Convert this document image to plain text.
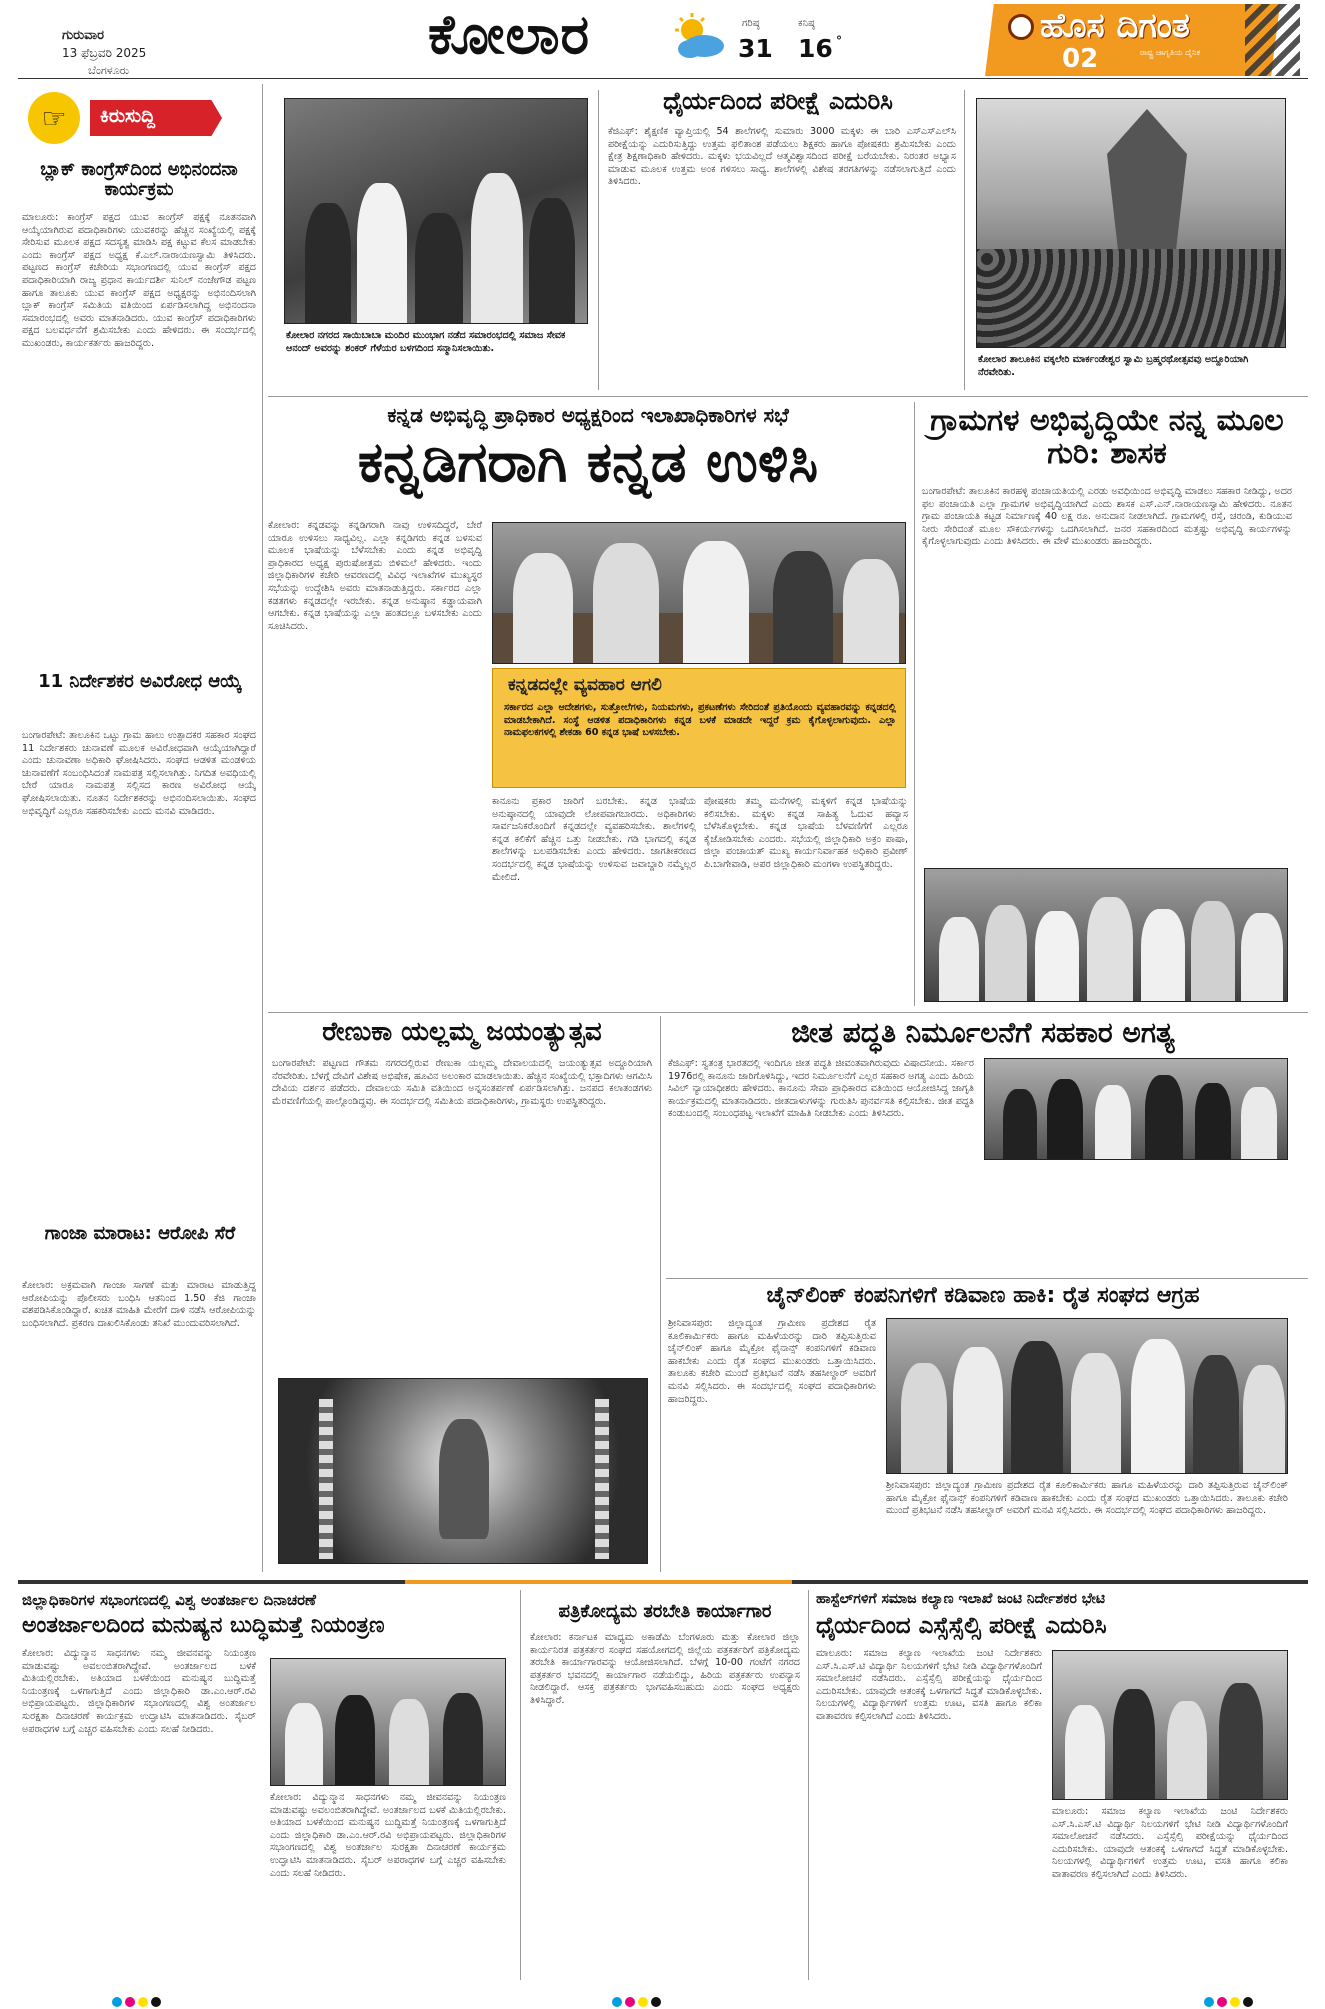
ಗುರುವಾರ
13 ಫೆಬ್ರವರಿ 2025
ಬೆಂಗಳೂರು
ಕೋಲಾರ	ಗರಿಷ್ಠ
31
ಕನಿಷ್ಠ
16 °	ಹೊಸ ದಿಗಂತ
ರಾಷ್ಟ್ರ ಜಾಗೃತಿಯ ದೈನಿಕ
02
☞	ಕಿರುಸುದ್ದಿ
ಬ್ಲಾಕ್ ಕಾಂಗ್ರೆಸ್‌ದಿಂದ ಅಭಿನಂದನಾ ಕಾರ್ಯಕ್ರಮ
ಮಾಲೂರು: ಕಾಂಗ್ರೆಸ್ ಪಕ್ಷದ ಯುವ ಕಾಂಗ್ರೆಸ್ ಪಕ್ಷಕ್ಕೆ ನೂತನವಾಗಿ ಆಯ್ಕೆಯಾಗಿರುವ ಪದಾಧಿಕಾರಿಗಳು ಯುವಕರನ್ನು ಹೆಚ್ಚಿನ ಸಂಖ್ಯೆಯಲ್ಲಿ ಪಕ್ಷಕ್ಕೆ ಸೇರಿಸುವ ಮೂಲಕ ಪಕ್ಷದ ಸದಸ್ಯತ್ವ ಮಾಡಿಸಿ ಪಕ್ಷ ಕಟ್ಟುವ ಕೆಲಸ ಮಾಡಬೇಕು ಎಂದು ಕಾಂಗ್ರೆಸ್ ಪಕ್ಷದ ಅಧ್ಯಕ್ಷ ಕೆ.ಎಲ್.ನಾರಾಯಣಸ್ವಾಮಿ ತಿಳಿಸಿದರು. ಪಟ್ಟಣದ ಕಾಂಗ್ರೆಸ್ ಕಚೇರಿಯ ಸಭಾಂಗಣದಲ್ಲಿ ಯುವ ಕಾಂಗ್ರೆಸ್ ಪಕ್ಷದ ಪದಾಧಿಕಾರಿಯಾಗಿ ರಾಜ್ಯ ಪ್ರಧಾನ ಕಾರ್ಯದರ್ಶಿ ಸುನಿಲ್ ನಂಜೇಗೌಡ ಪಟ್ಟಣ ಹಾಗೂ ತಾಲೂಕು ಯುವ ಕಾಂಗ್ರೆಸ್ ಪಕ್ಷದ ಅಧ್ಯಕ್ಷರನ್ನು ಅಭಿನಂದಿಸಲಾಗಿ ಬ್ಲಾಕ್ ಕಾಂಗ್ರೆಸ್ ಸಮಿತಿಯ ವತಿಯಿಂದ ಏರ್ಪಡಿಸಲಾಗಿದ್ದ ಅಭಿನಂದನಾ ಸಮಾರಂಭದಲ್ಲಿ ಅವರು ಮಾತನಾಡಿದರು. ಯುವ ಕಾಂಗ್ರೆಸ್ ಪದಾಧಿಕಾರಿಗಳು ಪಕ್ಷದ ಬಲವರ್ಧನೆಗೆ ಶ್ರಮಿಸಬೇಕು ಎಂದು ಹೇಳಿದರು. ಈ ಸಂದರ್ಭದಲ್ಲಿ ಮುಖಂಡರು, ಕಾರ್ಯಕರ್ತರು ಹಾಜರಿದ್ದರು.
11 ನಿರ್ದೇಶಕರ ಅವಿರೋಧ ಆಯ್ಕೆ
ಬಂಗಾರಪೇಟೆ: ತಾಲೂಕಿನ ಒಟ್ಟು ಗ್ರಾಮ ಹಾಲು ಉತ್ಪಾದಕರ ಸಹಕಾರ ಸಂಘದ 11 ನಿರ್ದೇಶಕರು ಚುನಾವಣೆ ಮೂಲಕ ಅವಿರೋಧವಾಗಿ ಆಯ್ಕೆಯಾಗಿದ್ದಾರೆ ಎಂದು ಚುನಾವಣಾ ಅಧಿಕಾರಿ ಘೋಷಿಸಿದರು. ಸಂಘದ ಆಡಳಿತ ಮಂಡಳಿಯ ಚುನಾವಣೆಗೆ ಸಂಬಂಧಿಸಿದಂತೆ ನಾಮಪತ್ರ ಸಲ್ಲಿಸಲಾಗಿತ್ತು. ನಿಗದಿತ ಅವಧಿಯಲ್ಲಿ ಬೇರೆ ಯಾರೂ ನಾಮಪತ್ರ ಸಲ್ಲಿಸದ ಕಾರಣ ಅವಿರೋಧ ಆಯ್ಕೆ ಘೋಷಿಸಲಾಯಿತು. ನೂತನ ನಿರ್ದೇಶಕರನ್ನು ಅಭಿನಂದಿಸಲಾಯಿತು. ಸಂಘದ ಅಭಿವೃದ್ಧಿಗೆ ಎಲ್ಲರೂ ಸಹಕರಿಸಬೇಕು ಎಂದು ಮನವಿ ಮಾಡಿದರು.
ಗಾಂಜಾ ಮಾರಾಟ: ಆರೋಪಿ ಸೆರೆ
ಕೋಲಾರ: ಅಕ್ರಮವಾಗಿ ಗಾಂಜಾ ಸಾಗಣೆ ಮತ್ತು ಮಾರಾಟ ಮಾಡುತ್ತಿದ್ದ ಆರೋಪಿಯನ್ನು ಪೊಲೀಸರು ಬಂಧಿಸಿ ಆತನಿಂದ 1.50 ಕೆಜಿ ಗಾಂಜಾ ವಶಪಡಿಸಿಕೊಂಡಿದ್ದಾರೆ. ಖಚಿತ ಮಾಹಿತಿ ಮೇರೆಗೆ ದಾಳಿ ನಡೆಸಿ ಆರೋಪಿಯನ್ನು ಬಂಧಿಸಲಾಗಿದೆ. ಪ್ರಕರಣ ದಾಖಲಿಸಿಕೊಂಡು ತನಿಖೆ ಮುಂದುವರಿಸಲಾಗಿದೆ.
ಕೋಲಾರ ನಗರದ ಸಾಯಿಬಾಬಾ ಮಂದಿರ ಮುಂಭಾಗ ನಡೆದ ಸಮಾರಂಭದಲ್ಲಿ ಸಮಾಜ ಸೇವಕ ಆನಂದ್ ಅವರನ್ನು ಶಂಕರ್ ಗೆಳೆಯರ ಬಳಗದಿಂದ ಸನ್ಮಾನಿಸಲಾಯಿತು.
ಧೈರ್ಯದಿಂದ ಪರೀಕ್ಷೆ ಎದುರಿಸಿ
ಕೆಜಿಎಫ್: ಶೈಕ್ಷಣಿಕ ವ್ಯಾಪ್ತಿಯಲ್ಲಿ 54 ಶಾಲೆಗಳಲ್ಲಿ ಸುಮಾರು 3000 ಮಕ್ಕಳು ಈ ಬಾರಿ ಎಸ್ಎಸ್ಎಲ್‌ಸಿ ಪರೀಕ್ಷೆಯನ್ನು ಎದುರಿಸುತ್ತಿದ್ದು ಉತ್ತಮ ಫಲಿತಾಂಶ ಪಡೆಯಲು ಶಿಕ್ಷಕರು ಹಾಗೂ ಪೋಷಕರು ಶ್ರಮಿಸಬೇಕು ಎಂದು ಕ್ಷೇತ್ರ ಶಿಕ್ಷಣಾಧಿಕಾರಿ ಹೇಳಿದರು. ಮಕ್ಕಳು ಭಯವಿಲ್ಲದೆ ಆತ್ಮವಿಶ್ವಾಸದಿಂದ ಪರೀಕ್ಷೆ ಬರೆಯಬೇಕು. ನಿರಂತರ ಅಭ್ಯಾಸ ಮಾಡುವ ಮೂಲಕ ಉತ್ತಮ ಅಂಕ ಗಳಿಸಲು ಸಾಧ್ಯ. ಶಾಲೆಗಳಲ್ಲಿ ವಿಶೇಷ ತರಗತಿಗಳನ್ನು ನಡೆಸಲಾಗುತ್ತಿದೆ ಎಂದು ತಿಳಿಸಿದರು.
ಕೋಲಾರ ತಾಲೂಕಿನ ವಕ್ಕಲೇರಿ ಮಾರ್ಕಂಡೇಶ್ವರ ಸ್ವಾಮಿ ಬ್ರಹ್ಮರಥೋತ್ಸವವು ಅದ್ದೂರಿಯಾಗಿ ನೆರವೇರಿತು.
ಕನ್ನಡ ಅಭಿವೃದ್ಧಿ ಪ್ರಾಧಿಕಾರ ಅಧ್ಯಕ್ಷರಿಂದ ಇಲಾಖಾಧಿಕಾರಿಗಳ ಸಭೆ
ಕನ್ನಡಿಗರಾಗಿ ಕನ್ನಡ ಉಳಿಸಿ
ಕೋಲಾರ: ಕನ್ನಡವನ್ನು ಕನ್ನಡಿಗರಾಗಿ ನಾವು ಉಳಿಸದಿದ್ದರೆ, ಬೇರೆ ಯಾರೂ ಉಳಿಸಲು ಸಾಧ್ಯವಿಲ್ಲ. ಎಲ್ಲಾ ಕನ್ನಡಿಗರು ಕನ್ನಡ ಬಳಸುವ ಮೂಲಕ ಭಾಷೆಯನ್ನು ಬೆಳೆಸಬೇಕು ಎಂದು ಕನ್ನಡ ಅಭಿವೃದ್ಧಿ ಪ್ರಾಧಿಕಾರದ ಅಧ್ಯಕ್ಷ ಪುರುಷೋತ್ತಮ ಬಿಳಿಮಲೆ ಹೇಳಿದರು. ಇಂದು ಜಿಲ್ಲಾಧಿಕಾರಿಗಳ ಕಚೇರಿ ಆವರಣದಲ್ಲಿ ವಿವಿಧ ಇಲಾಖೆಗಳ ಮುಖ್ಯಸ್ಥರ ಸಭೆಯನ್ನು ಉದ್ದೇಶಿಸಿ ಅವರು ಮಾತನಾಡುತ್ತಿದ್ದರು. ಸರ್ಕಾರದ ಎಲ್ಲಾ ಕಡತಗಳು ಕನ್ನಡದಲ್ಲೇ ಇರಬೇಕು. ಕನ್ನಡ ಅನುಷ್ಠಾನ ಕಡ್ಡಾಯವಾಗಿ ಆಗಬೇಕು. ಕನ್ನಡ ಭಾಷೆಯನ್ನು ಎಲ್ಲಾ ಹಂತದಲ್ಲೂ ಬಳಸಬೇಕು ಎಂದು ಸೂಚಿಸಿದರು.
ಕನ್ನಡದಲ್ಲೇ ವ್ಯವಹಾರ ಆಗಲಿ
ಸರ್ಕಾರದ ಎಲ್ಲಾ ಆದೇಶಗಳು, ಸುತ್ತೋಲೆಗಳು, ನಿಯಮಗಳು, ಪ್ರಕಟಣೆಗಳು ಸೇರಿದಂತೆ ಪ್ರತಿಯೊಂದು ವ್ಯವಹಾರವನ್ನು ಕನ್ನಡದಲ್ಲಿ ಮಾಡಬೇಕಾಗಿದೆ. ಸಂಸ್ಥೆ ಆಡಳಿತ ಪದಾಧಿಕಾರಿಗಳು ಕನ್ನಡ ಬಳಕೆ ಮಾಡದೇ ಇದ್ದರೆ ಕ್ರಮ ಕೈಗೊಳ್ಳಲಾಗುವುದು. ಎಲ್ಲಾ ನಾಮಫಲಕಗಳಲ್ಲಿ ಶೇಕಡಾ 60 ಕನ್ನಡ ಭಾಷೆ ಬಳಸಬೇಕು.
ಕಾನೂನು ಪ್ರಕಾರ ಜಾರಿಗೆ ಬರಬೇಕು. ಕನ್ನಡ ಭಾಷೆಯ ಅನುಷ್ಠಾನದಲ್ಲಿ ಯಾವುದೇ ಲೋಪವಾಗಬಾರದು. ಅಧಿಕಾರಿಗಳು ಸಾರ್ವಜನಿಕರೊಂದಿಗೆ ಕನ್ನಡದಲ್ಲೇ ವ್ಯವಹರಿಸಬೇಕು. ಶಾಲೆಗಳಲ್ಲಿ ಕನ್ನಡ ಕಲಿಕೆಗೆ ಹೆಚ್ಚಿನ ಒತ್ತು ನೀಡಬೇಕು. ಗಡಿ ಭಾಗದಲ್ಲಿ ಕನ್ನಡ ಶಾಲೆಗಳನ್ನು ಬಲಪಡಿಸಬೇಕು ಎಂದು ಹೇಳಿದರು. ಜಾಗತೀಕರಣದ ಸಂದರ್ಭದಲ್ಲಿ ಕನ್ನಡ ಭಾಷೆಯನ್ನು ಉಳಿಸುವ ಜವಾಬ್ದಾರಿ ನಮ್ಮೆಲ್ಲರ ಮೇಲಿದೆ.
ಪೋಷಕರು ತಮ್ಮ ಮನೆಗಳಲ್ಲಿ ಮಕ್ಕಳಿಗೆ ಕನ್ನಡ ಭಾಷೆಯನ್ನು ಕಲಿಸಬೇಕು. ಮಕ್ಕಳು ಕನ್ನಡ ಸಾಹಿತ್ಯ ಓದುವ ಹವ್ಯಾಸ ಬೆಳೆಸಿಕೊಳ್ಳಬೇಕು. ಕನ್ನಡ ಭಾಷೆಯ ಬೆಳವಣಿಗೆಗೆ ಎಲ್ಲರೂ ಕೈಜೋಡಿಸಬೇಕು ಎಂದರು. ಸಭೆಯಲ್ಲಿ ಜಿಲ್ಲಾಧಿಕಾರಿ ಅಕ್ರಂ ಪಾಷಾ, ಜಿಲ್ಲಾ ಪಂಚಾಯತ್ ಮುಖ್ಯ ಕಾರ್ಯನಿರ್ವಾಹಕ ಅಧಿಕಾರಿ ಪ್ರವೀಣ್ ಪಿ.ಬಾಗೇವಾಡಿ, ಅಪರ ಜಿಲ್ಲಾಧಿಕಾರಿ ಮಂಗಳಾ ಉಪಸ್ಥಿತರಿದ್ದರು.
ಗ್ರಾಮಗಳ ಅಭಿವೃದ್ಧಿಯೇ ನನ್ನ ಮೂಲ ಗುರಿ: ಶಾಸಕ
ಬಂಗಾರಪೇಟೆ: ತಾಲೂಕಿನ ಕಾರಹಳ್ಳಿ ಪಂಚಾಯತಿಯಲ್ಲಿ ಎರಡು ಅವಧಿಯಿಂದ ಅಭಿವೃದ್ಧಿ ಮಾಡಲು ಸಹಕಾರ ನೀಡಿದ್ದು, ಅದರ ಫಲ ಪಂಚಾಯತಿ ಎಲ್ಲಾ ಗ್ರಾಮಗಳ ಅಭಿವೃದ್ಧಿಯಾಗಿದೆ ಎಂದು ಶಾಸಕ ಎಸ್.ಎನ್.ನಾರಾಯಣಸ್ವಾಮಿ ಹೇಳಿದರು. ನೂತನ ಗ್ರಾಮ ಪಂಚಾಯತಿ ಕಟ್ಟಡ ನಿರ್ಮಾಣಕ್ಕೆ 40 ಲಕ್ಷ ರೂ. ಅನುದಾನ ನೀಡಲಾಗಿದೆ. ಗ್ರಾಮಗಳಲ್ಲಿ ರಸ್ತೆ, ಚರಂಡಿ, ಕುಡಿಯುವ ನೀರು ಸೇರಿದಂತೆ ಮೂಲ ಸೌಕರ್ಯಗಳನ್ನು ಒದಗಿಸಲಾಗಿದೆ. ಜನರ ಸಹಕಾರದಿಂದ ಮತ್ತಷ್ಟು ಅಭಿವೃದ್ಧಿ ಕಾರ್ಯಗಳನ್ನು ಕೈಗೊಳ್ಳಲಾಗುವುದು ಎಂದು ತಿಳಿಸಿದರು. ಈ ವೇಳೆ ಮುಖಂಡರು ಹಾಜರಿದ್ದರು.
ರೇಣುಕಾ ಯಲ್ಲಮ್ಮ ಜಯಂತ್ಯುತ್ಸವ
ಬಂಗಾರಪೇಟೆ: ಪಟ್ಟಣದ ಗೌತಮ ನಗರದಲ್ಲಿರುವ ರೇಣುಕಾ ಯಲ್ಲಮ್ಮ ದೇವಾಲಯದಲ್ಲಿ ಜಯಂತ್ಯುತ್ಸವ ಅದ್ದೂರಿಯಾಗಿ ನೆರವೇರಿತು. ಬೆಳಗ್ಗೆ ದೇವಿಗೆ ವಿಶೇಷ ಅಭಿಷೇಕ, ಹೂವಿನ ಅಲಂಕಾರ ಮಾಡಲಾಯಿತು. ಹೆಚ್ಚಿನ ಸಂಖ್ಯೆಯಲ್ಲಿ ಭಕ್ತಾದಿಗಳು ಆಗಮಿಸಿ ದೇವಿಯ ದರ್ಶನ ಪಡೆದರು. ದೇವಾಲಯ ಸಮಿತಿ ವತಿಯಿಂದ ಅನ್ನಸಂತರ್ಪಣೆ ಏರ್ಪಡಿಸಲಾಗಿತ್ತು. ಜನಪದ ಕಲಾತಂಡಗಳು ಮೆರವಣಿಗೆಯಲ್ಲಿ ಪಾಲ್ಗೊಂಡಿದ್ದವು. ಈ ಸಂದರ್ಭದಲ್ಲಿ ಸಮಿತಿಯ ಪದಾಧಿಕಾರಿಗಳು, ಗ್ರಾಮಸ್ಥರು ಉಪಸ್ಥಿತರಿದ್ದರು.
ಜೀತ ಪದ್ಧತಿ ನಿರ್ಮೂಲನೆಗೆ ಸಹಕಾರ ಅಗತ್ಯ
ಕೆಜಿಎಫ್: ಸ್ವತಂತ್ರ ಭಾರತದಲ್ಲಿ ಇಂದಿಗೂ ಜೀತ ಪದ್ಧತಿ ಜೀವಂತವಾಗಿರುವುದು ವಿಷಾದನೀಯ. ಸರ್ಕಾರ 1976ರಲ್ಲಿ ಕಾನೂನು ಜಾರಿಗೊಳಿಸಿದ್ದು, ಇದರ ನಿರ್ಮೂಲನೆಗೆ ಎಲ್ಲರ ಸಹಕಾರ ಅಗತ್ಯ ಎಂದು ಹಿರಿಯ ಸಿವಿಲ್ ನ್ಯಾಯಾಧೀಶರು ಹೇಳಿದರು. ಕಾನೂನು ಸೇವಾ ಪ್ರಾಧಿಕಾರದ ವತಿಯಿಂದ ಆಯೋಜಿಸಿದ್ದ ಜಾಗೃತಿ ಕಾರ್ಯಕ್ರಮದಲ್ಲಿ ಮಾತನಾಡಿದರು. ಜೀತದಾಳುಗಳನ್ನು ಗುರುತಿಸಿ ಪುನರ್ವಸತಿ ಕಲ್ಪಿಸಬೇಕು. ಜೀತ ಪದ್ಧತಿ ಕಂಡುಬಂದಲ್ಲಿ ಸಂಬಂಧಪಟ್ಟ ಇಲಾಖೆಗೆ ಮಾಹಿತಿ ನೀಡಬೇಕು ಎಂದು ತಿಳಿಸಿದರು.
ಚೈನ್‌ಲಿಂಕ್ ಕಂಪನಿಗಳಿಗೆ ಕಡಿವಾಣ ಹಾಕಿ: ರೈತ ಸಂಘದ ಆಗ್ರಹ
ಶ್ರೀನಿವಾಸಪುರ: ಜಿಲ್ಲಾದ್ಯಂತ ಗ್ರಾಮೀಣ ಪ್ರದೇಶದ ರೈತ ಕೂಲಿಕಾರ್ಮಿಕರು ಹಾಗೂ ಮಹಿಳೆಯರನ್ನು ದಾರಿ ತಪ್ಪಿಸುತ್ತಿರುವ ಚೈನ್‌ಲಿಂಕ್ ಹಾಗೂ ಮೈಕ್ರೋ ಫೈನಾನ್ಸ್ ಕಂಪನಿಗಳಿಗೆ ಕಡಿವಾಣ ಹಾಕಬೇಕು ಎಂದು ರೈತ ಸಂಘದ ಮುಖಂಡರು ಒತ್ತಾಯಿಸಿದರು. ತಾಲೂಕು ಕಚೇರಿ ಮುಂದೆ ಪ್ರತಿಭಟನೆ ನಡೆಸಿ ತಹಸೀಲ್ದಾರ್ ಅವರಿಗೆ ಮನವಿ ಸಲ್ಲಿಸಿದರು. ಈ ಸಂದರ್ಭದಲ್ಲಿ ಸಂಘದ ಪದಾಧಿಕಾರಿಗಳು ಹಾಜರಿದ್ದರು.
ಶ್ರೀನಿವಾಸಪುರ: ಜಿಲ್ಲಾದ್ಯಂತ ಗ್ರಾಮೀಣ ಪ್ರದೇಶದ ರೈತ ಕೂಲಿಕಾರ್ಮಿಕರು ಹಾಗೂ ಮಹಿಳೆಯರನ್ನು ದಾರಿ ತಪ್ಪಿಸುತ್ತಿರುವ ಚೈನ್‌ಲಿಂಕ್ ಹಾಗೂ ಮೈಕ್ರೋ ಫೈನಾನ್ಸ್ ಕಂಪನಿಗಳಿಗೆ ಕಡಿವಾಣ ಹಾಕಬೇಕು ಎಂದು ರೈತ ಸಂಘದ ಮುಖಂಡರು ಒತ್ತಾಯಿಸಿದರು. ತಾಲೂಕು ಕಚೇರಿ ಮುಂದೆ ಪ್ರತಿಭಟನೆ ನಡೆಸಿ ತಹಸೀಲ್ದಾರ್ ಅವರಿಗೆ ಮನವಿ ಸಲ್ಲಿಸಿದರು. ಈ ಸಂದರ್ಭದಲ್ಲಿ ಸಂಘದ ಪದಾಧಿಕಾರಿಗಳು ಹಾಜರಿದ್ದರು.
ಜಿಲ್ಲಾಧಿಕಾರಿಗಳ ಸಭಾಂಗಣದಲ್ಲಿ ವಿಶ್ವ ಅಂತರ್ಜಾಲ ದಿನಾಚರಣೆ
ಅಂತರ್ಜಾಲದಿಂದ ಮನುಷ್ಯನ ಬುದ್ಧಿಮತ್ತೆ ನಿಯಂತ್ರಣ
ಕೋಲಾರ: ವಿದ್ಯುನ್ಮಾನ ಸಾಧನಗಳು ನಮ್ಮ ಜೀವನವನ್ನು ನಿಯಂತ್ರಣ ಮಾಡುವಷ್ಟು ಅವಲಂಬಿತರಾಗಿದ್ದೇವೆ. ಅಂತರ್ಜಾಲದ ಬಳಕೆ ಮಿತಿಯಲ್ಲಿರಬೇಕು. ಅತಿಯಾದ ಬಳಕೆಯಿಂದ ಮನುಷ್ಯನ ಬುದ್ಧಿಮತ್ತೆ ನಿಯಂತ್ರಣಕ್ಕೆ ಒಳಗಾಗುತ್ತಿದೆ ಎಂದು ಜಿಲ್ಲಾಧಿಕಾರಿ ಡಾ.ಎಂ.ಆರ್.ರವಿ ಅಭಿಪ್ರಾಯಪಟ್ಟರು. ಜಿಲ್ಲಾಧಿಕಾರಿಗಳ ಸಭಾಂಗಣದಲ್ಲಿ ವಿಶ್ವ ಅಂತರ್ಜಾಲ ಸುರಕ್ಷತಾ ದಿನಾಚರಣೆ ಕಾರ್ಯಕ್ರಮ ಉದ್ಘಾಟಿಸಿ ಮಾತನಾಡಿದರು. ಸೈಬರ್ ಅಪರಾಧಗಳ ಬಗ್ಗೆ ಎಚ್ಚರ ವಹಿಸಬೇಕು ಎಂದು ಸಲಹೆ ನೀಡಿದರು.
ಕೋಲಾರ: ವಿದ್ಯುನ್ಮಾನ ಸಾಧನಗಳು ನಮ್ಮ ಜೀವನವನ್ನು ನಿಯಂತ್ರಣ ಮಾಡುವಷ್ಟು ಅವಲಂಬಿತರಾಗಿದ್ದೇವೆ. ಅಂತರ್ಜಾಲದ ಬಳಕೆ ಮಿತಿಯಲ್ಲಿರಬೇಕು. ಅತಿಯಾದ ಬಳಕೆಯಿಂದ ಮನುಷ್ಯನ ಬುದ್ಧಿಮತ್ತೆ ನಿಯಂತ್ರಣಕ್ಕೆ ಒಳಗಾಗುತ್ತಿದೆ ಎಂದು ಜಿಲ್ಲಾಧಿಕಾರಿ ಡಾ.ಎಂ.ಆರ್.ರವಿ ಅಭಿಪ್ರಾಯಪಟ್ಟರು. ಜಿಲ್ಲಾಧಿಕಾರಿಗಳ ಸಭಾಂಗಣದಲ್ಲಿ ವಿಶ್ವ ಅಂತರ್ಜಾಲ ಸುರಕ್ಷತಾ ದಿನಾಚರಣೆ ಕಾರ್ಯಕ್ರಮ ಉದ್ಘಾಟಿಸಿ ಮಾತನಾಡಿದರು. ಸೈಬರ್ ಅಪರಾಧಗಳ ಬಗ್ಗೆ ಎಚ್ಚರ ವಹಿಸಬೇಕು ಎಂದು ಸಲಹೆ ನೀಡಿದರು.
ಪತ್ರಿಕೋದ್ಯಮ ತರಬೇತಿ ಕಾರ್ಯಾಗಾರ
ಕೋಲಾರ: ಕರ್ನಾಟಕ ಮಾಧ್ಯಮ ಅಕಾಡೆಮಿ ಬೆಂಗಳೂರು ಮತ್ತು ಕೋಲಾರ ಜಿಲ್ಲಾ ಕಾರ್ಯನಿರತ ಪತ್ರಕರ್ತರ ಸಂಘದ ಸಹಯೋಗದಲ್ಲಿ ಜಿಲ್ಲೆಯ ಪತ್ರಕರ್ತರಿಗೆ ಪತ್ರಿಕೋದ್ಯಮ ತರಬೇತಿ ಕಾರ್ಯಾಗಾರವನ್ನು ಆಯೋಜಿಸಲಾಗಿದೆ. ಬೆಳಗ್ಗೆ 10-00 ಗಂಟೆಗೆ ನಗರದ ಪತ್ರಕರ್ತರ ಭವನದಲ್ಲಿ ಕಾರ್ಯಾಗಾರ ನಡೆಯಲಿದ್ದು, ಹಿರಿಯ ಪತ್ರಕರ್ತರು ಉಪನ್ಯಾಸ ನೀಡಲಿದ್ದಾರೆ. ಆಸಕ್ತ ಪತ್ರಕರ್ತರು ಭಾಗವಹಿಸಬಹುದು ಎಂದು ಸಂಘದ ಅಧ್ಯಕ್ಷರು ತಿಳಿಸಿದ್ದಾರೆ.
ಹಾಸ್ಟೆಲ್‌ಗಳಿಗೆ ಸಮಾಜ ಕಲ್ಯಾಣ ಇಲಾಖೆ ಜಂಟಿ ನಿರ್ದೇಶಕರ ಭೇಟಿ
ಧೈರ್ಯದಿಂದ ಎಸ್ಸೆಸ್ಸೆಲ್ಸಿ ಪರೀಕ್ಷೆ ಎದುರಿಸಿ
ಮಾಲೂರು: ಸಮಾಜ ಕಲ್ಯಾಣ ಇಲಾಖೆಯ ಜಂಟಿ ನಿರ್ದೇಶಕರು ಎಸ್.ಸಿ.ಎಸ್.ಟಿ ವಿದ್ಯಾರ್ಥಿ ನಿಲಯಗಳಿಗೆ ಭೇಟಿ ನೀಡಿ ವಿದ್ಯಾರ್ಥಿಗಳೊಂದಿಗೆ ಸಮಾಲೋಚನೆ ನಡೆಸಿದರು. ಎಸ್ಸೆಸ್ಸೆಲ್ಸಿ ಪರೀಕ್ಷೆಯನ್ನು ಧೈರ್ಯದಿಂದ ಎದುರಿಸಬೇಕು. ಯಾವುದೇ ಆತಂಕಕ್ಕೆ ಒಳಗಾಗದೆ ಸಿದ್ಧತೆ ಮಾಡಿಕೊಳ್ಳಬೇಕು. ನಿಲಯಗಳಲ್ಲಿ ವಿದ್ಯಾರ್ಥಿಗಳಿಗೆ ಉತ್ತಮ ಊಟ, ವಸತಿ ಹಾಗೂ ಕಲಿಕಾ ವಾತಾವರಣ ಕಲ್ಪಿಸಲಾಗಿದೆ ಎಂದು ತಿಳಿಸಿದರು.
ಮಾಲೂರು: ಸಮಾಜ ಕಲ್ಯಾಣ ಇಲಾಖೆಯ ಜಂಟಿ ನಿರ್ದೇಶಕರು ಎಸ್.ಸಿ.ಎಸ್.ಟಿ ವಿದ್ಯಾರ್ಥಿ ನಿಲಯಗಳಿಗೆ ಭೇಟಿ ನೀಡಿ ವಿದ್ಯಾರ್ಥಿಗಳೊಂದಿಗೆ ಸಮಾಲೋಚನೆ ನಡೆಸಿದರು. ಎಸ್ಸೆಸ್ಸೆಲ್ಸಿ ಪರೀಕ್ಷೆಯನ್ನು ಧೈರ್ಯದಿಂದ ಎದುರಿಸಬೇಕು. ಯಾವುದೇ ಆತಂಕಕ್ಕೆ ಒಳಗಾಗದೆ ಸಿದ್ಧತೆ ಮಾಡಿಕೊಳ್ಳಬೇಕು. ನಿಲಯಗಳಲ್ಲಿ ವಿದ್ಯಾರ್ಥಿಗಳಿಗೆ ಉತ್ತಮ ಊಟ, ವಸತಿ ಹಾಗೂ ಕಲಿಕಾ ವಾತಾವರಣ ಕಲ್ಪಿಸಲಾಗಿದೆ ಎಂದು ತಿಳಿಸಿದರು.
